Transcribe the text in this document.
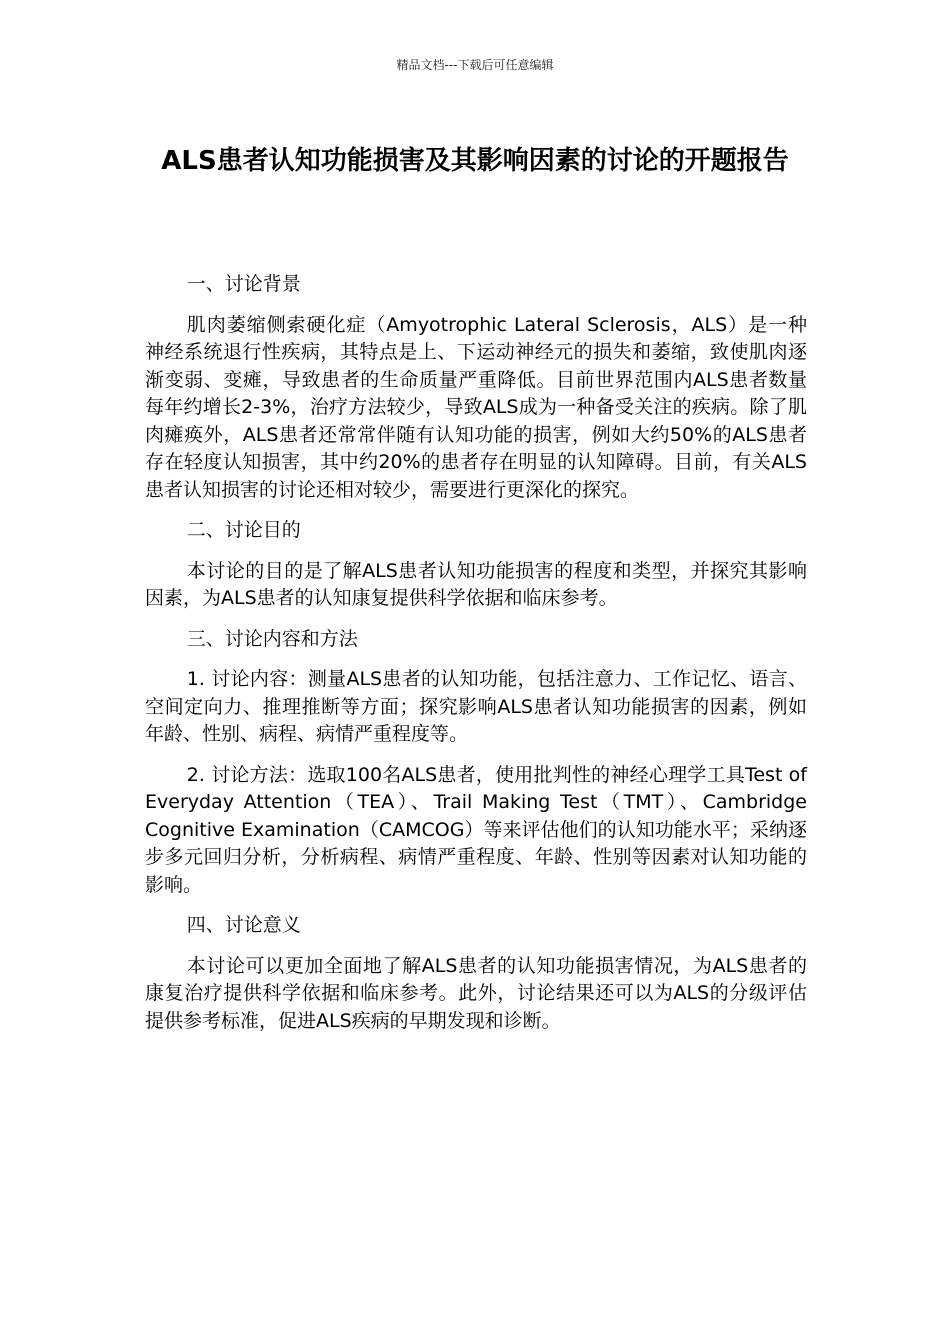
精品文档---下载后可任意编辑
ALS患者认知功能损害及其影响因素的讨论的开题报告

一、讨论背景

肌肉萎缩侧索硬化症（Amyotrophic Lateral Sclerosis，ALS）是一种神经系统退行性疾病，其特点是上、下运动神经元的损失和萎缩，致使肌肉逐渐变弱、变瘫，导致患者的生命质量严重降低。目前世界范围内ALS患者数量每年约增长2-3%，治疗方法较少，导致ALS成为一种备受关注的疾病。除了肌肉瘫痪外，ALS患者还常常伴随有认知功能的损害，例如大约50%的ALS患者存在轻度认知损害，其中约20%的患者存在明显的认知障碍。目前，有关ALS患者认知损害的讨论还相对较少，需要进行更深化的探究。

二、讨论目的

本讨论的目的是了解ALS患者认知功能损害的程度和类型，并探究其影响因素，为ALS患者的认知康复提供科学依据和临床参考。

三、讨论内容和方法

1. 讨论内容：测量ALS患者的认知功能，包括注意力、工作记忆、语言、空间定向力、推理推断等方面；探究影响ALS患者认知功能损害的因素，例如年龄、性别、病程、病情严重程度等。

2. 讨论方法：选取100名ALS患者，使用批判性的神经心理学工具Test of Everyday Attention（TEA）、Trail Making Test（TMT）、Cambridge Cognitive Examination（CAMCOG）等来评估他们的认知功能水平；采纳逐步多元回归分析，分析病程、病情严重程度、年龄、性别等因素对认知功能的影响。

四、讨论意义

本讨论可以更加全面地了解ALS患者的认知功能损害情况，为ALS患者的康复治疗提供科学依据和临床参考。此外，讨论结果还可以为ALS的分级评估提供参考标准，促进ALS疾病的早期发现和诊断。
